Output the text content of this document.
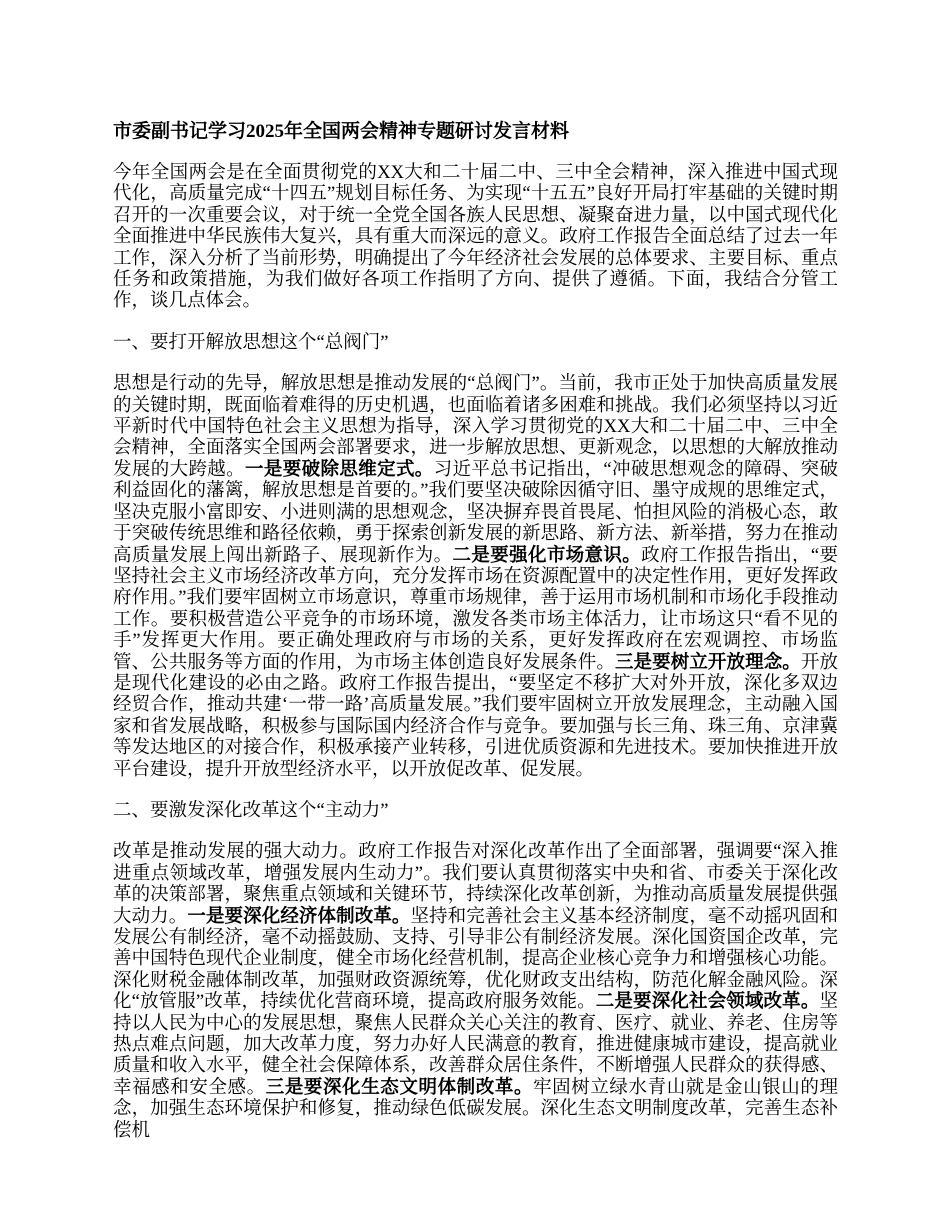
市委副书记学习2025年全国两会精神专题研讨发言材料

今年全国两会是在全面贯彻党的XX大和二十届二中、三中全会精神，深入推进中国式现代化，高质量完成“十四五”规划目标任务、为实现“十五五”良好开局打牢基础的关键时期召开的一次重要会议，对于统一全党全国各族人民思想、凝聚奋进力量，以中国式现代化全面推进中华民族伟大复兴，具有重大而深远的意义。政府工作报告全面总结了过去一年工作，深入分析了当前形势，明确提出了今年经济社会发展的总体要求、主要目标、重点任务和政策措施，为我们做好各项工作指明了方向、提供了遵循。下面，我结合分管工作，谈几点体会。

一、要打开解放思想这个“总阀门”

思想是行动的先导，解放思想是推动发展的“总阀门”。当前，我市正处于加快高质量发展的关键时期，既面临着难得的历史机遇，也面临着诸多困难和挑战。我们必须坚持以习近平新时代中国特色社会主义思想为指导，深入学习贯彻党的XX大和二十届二中、三中全会精神，全面落实全国两会部署要求，进一步解放思想、更新观念，以思想的大解放推动发展的大跨越。一是要破除思维定式。习近平总书记指出，“冲破思想观念的障碍、突破利益固化的藩篱，解放思想是首要的。”我们要坚决破除因循守旧、墨守成规的思维定式，坚决克服小富即安、小进则满的思想观念，坚决摒弃畏首畏尾、怕担风险的消极心态，敢于突破传统思维和路径依赖，勇于探索创新发展的新思路、新方法、新举措，努力在推动高质量发展上闯出新路子、展现新作为。二是要强化市场意识。政府工作报告指出，“要坚持社会主义市场经济改革方向，充分发挥市场在资源配置中的决定性作用，更好发挥政府作用。”我们要牢固树立市场意识，尊重市场规律，善于运用市场机制和市场化手段推动工作。要积极营造公平竞争的市场环境，激发各类市场主体活力，让市场这只“看不见的手”发挥更大作用。要正确处理政府与市场的关系，更好发挥政府在宏观调控、市场监管、公共服务等方面的作用，为市场主体创造良好发展条件。三是要树立开放理念。开放是现代化建设的必由之路。政府工作报告提出，“要坚定不移扩大对外开放，深化多双边经贸合作，推动共建‘一带一路’高质量发展。”我们要牢固树立开放发展理念，主动融入国家和省发展战略，积极参与国际国内经济合作与竞争。要加强与长三角、珠三角、京津冀等发达地区的对接合作，积极承接产业转移，引进优质资源和先进技术。要加快推进开放平台建设，提升开放型经济水平，以开放促改革、促发展。

二、要激发深化改革这个“主动力”

改革是推动发展的强大动力。政府工作报告对深化改革作出了全面部署，强调要“深入推进重点领域改革，增强发展内生动力”。我们要认真贯彻落实中央和省、市委关于深化改革的决策部署，聚焦重点领域和关键环节，持续深化改革创新，为推动高质量发展提供强大动力。一是要深化经济体制改革。坚持和完善社会主义基本经济制度，毫不动摇巩固和发展公有制经济，毫不动摇鼓励、支持、引导非公有制经济发展。深化国资国企改革，完善中国特色现代企业制度，健全市场化经营机制，提高企业核心竞争力和增强核心功能。深化财税金融体制改革，加强财政资源统筹，优化财政支出结构，防范化解金融风险。深化“放管服”改革，持续优化营商环境，提高政府服务效能。二是要深化社会领域改革。坚持以人民为中心的发展思想，聚焦人民群众关心关注的教育、医疗、就业、养老、住房等热点难点问题，加大改革力度，努力办好人民满意的教育，推进健康城市建设，提高就业质量和收入水平，健全社会保障体系，改善群众居住条件，不断增强人民群众的获得感、幸福感和安全感。三是要深化生态文明体制改革。牢固树立绿水青山就是金山银山的理念，加强生态环境保护和修复，推动绿色低碳发展。深化生态文明制度改革，完善生态补偿机
